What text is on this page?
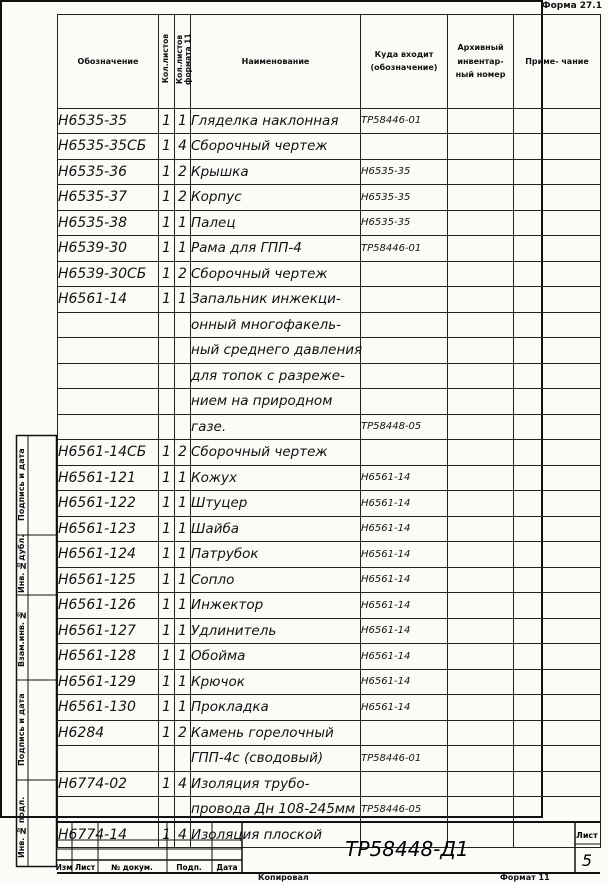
Форма 27.1
Обозначение	Кол.листов	Кол.листов формата 11	Наименование	Куда входит (обозначение)	Архивный инвентар- ный номер	Приме- чание
Н6535-35	1	1	Гляделка наклонная	ТР58446-01		
Н6535-35СБ	1	4	Сборочный чертеж			
Н6535-36	1	2	Крышка	Н6535-35		
Н6535-37	1	2	Корпус	Н6535-35		
Н6535-38	1	1	Палец	Н6535-35		
Н6539-30	1	1	Рама для ГПП-4	ТР58446-01		
Н6539-30СБ	1	2	Сборочный чертеж			
Н6561-14	1	1	Запальник инжекци-			
			онный многофакель-			
			ный среднего давления			
			для топок с разреже-			
			нием на природном			
			газе.	ТР58448-05		
Н6561-14СБ	1	2	Сборочный чертеж			
Н6561-121	1	1	Кожух	Н6561-14		
Н6561-122	1	1	Штуцер	Н6561-14		
Н6561-123	1	1	Шайба	Н6561-14		
Н6561-124	1	1	Патрубок	Н6561-14		
Н6561-125	1	1	Сопло	Н6561-14		
Н6561-126	1	1	Инжектор	Н6561-14		
Н6561-127	1	1	Удлинитель	Н6561-14		
Н6561-128	1	1	Обойма	Н6561-14		
Н6561-129	1	1	Крючок	Н6561-14		
Н6561-130	1	1	Прокладка	Н6561-14		
Н6284	1	2	Камень горелочный			
			ГПП-4с (сводовый)	ТР58446-01		
Н6774-02	1	4	Изоляция трубо-			
			провода Дн 108-245мм	ТР58446-05		
Н6774-14	1	4	Изоляция плоской			
ТР58448-Д1
Лист
5
Изм Лист № докум.	Подп. Дата
Инв. № подл.
Подпись и дата
Взам.инв. №
Инв. №дубл.
Подпись и дата
Копировал	Формат 11
